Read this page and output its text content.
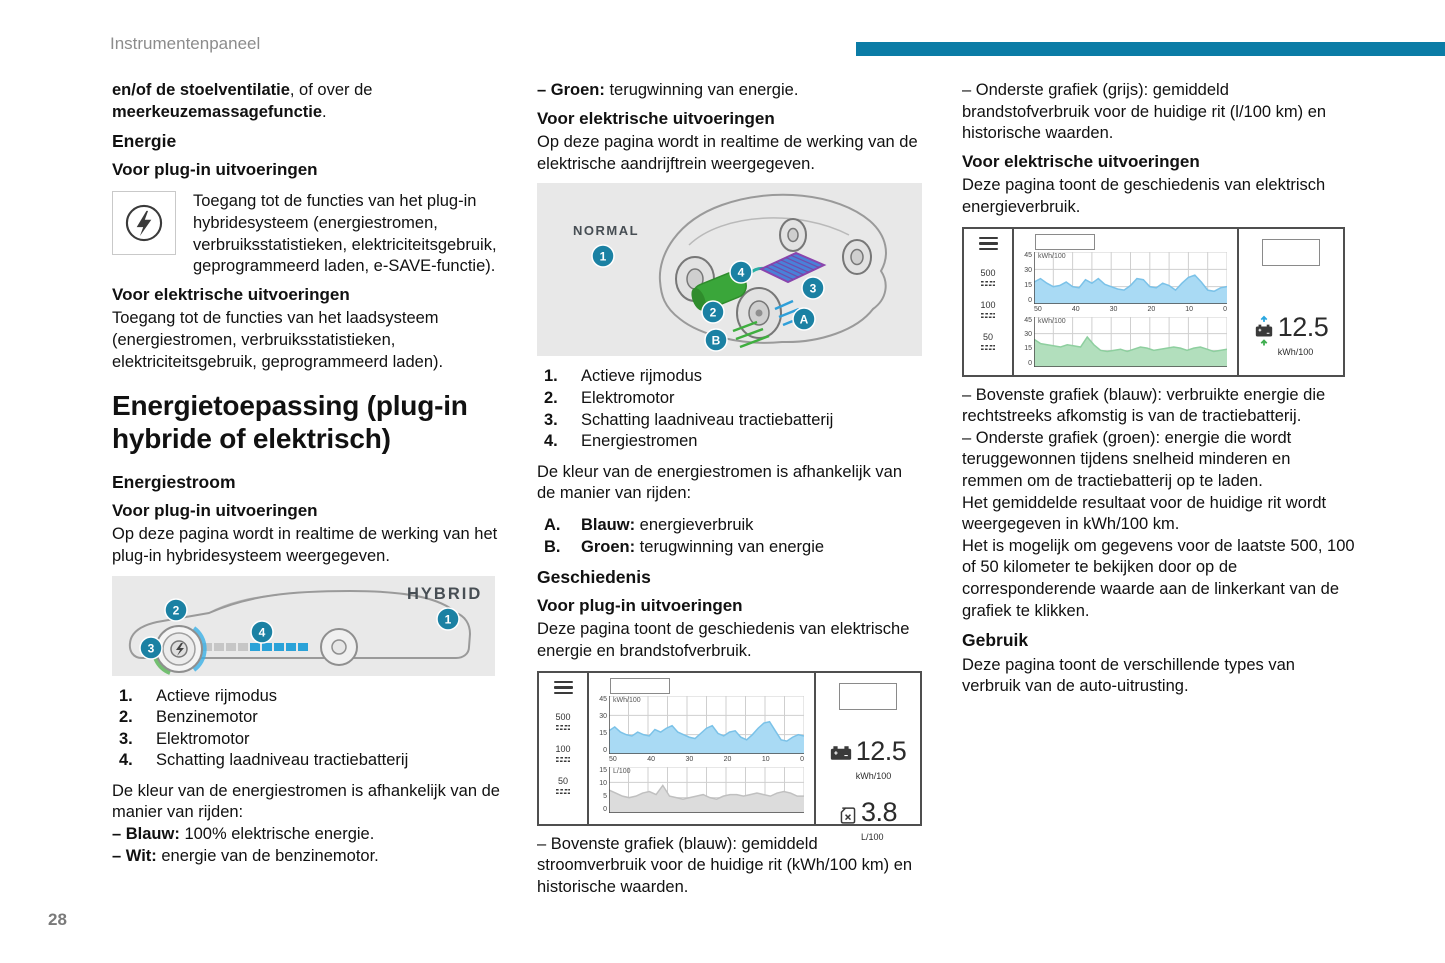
Instrumentenpaneel

en/of de stoelventilatie, of over de meerkeuzemassagefunctie.

Energie
Voor plug-in uitvoeringen

Toegang tot de functies van het plug-in hybridesysteem (energiestromen, verbruiksstatistieken, elektriciteitsgebruik, geprogrammeerd laden, e-SAVE-functie).

Voor elektrische uitvoeringen

Toegang tot de functies van het laadsysteem (energiestromen, verbruiksstatistieken, elektriciteitsgebruik, geprogrammeerd laden).

Energietoepassing (plug-in hybride of elektrisch)
Energiestroom
Voor plug-in uitvoeringen

Op deze pagina wordt in realtime de werking van het plug-in hybridesysteem weergegeven.

HYBRID
1
2
3
4
1.	Actieve rijmodus
2.	Benzinemotor
3.	Elektromotor
4.	Schatting laadniveau tractiebatterij

De kleur van de energiestromen is afhankelijk van de manier van rijden:

– Blauw: 100% elektrische energie.

– Wit: energie van de benzinemotor.

– Groen: terugwinning van energie.

Voor elektrische uitvoeringen

Op deze pagina wordt in realtime de werking van de elektrische aandrijftrein weergegeven.

NORMAL
1
2
3
4
A
B
1.	Actieve rijmodus
2.	Elektromotor
3.	Schatting laadniveau tractiebatterij
4.	Energiestromen

De kleur van de energiestromen is afhankelijk van de manier van rijden:

A.	Blauw: energieverbruik
B.	Groen: terugwinning van energie
Geschiedenis
Voor plug-in uitvoeringen

Deze pagina toont de geschiedenis van elektrische energie en brandstofverbruik.

500
100
50
45
30
15
0
kWh/100
50	40	30	20	10	0
15
10
5
0
L/100
12.5
kWh/100
3.8
L/100

– Bovenste grafiek (blauw): gemiddeld stroomverbruik voor de huidige rit (kWh/100 km) en historische waarden.

– Onderste grafiek (grijs): gemiddeld brandstofverbruik voor de huidige rit (l/100 km) en historische waarden.

Voor elektrische uitvoeringen

Deze pagina toont de geschiedenis van elektrisch energieverbruik.

500
100
50
45
30
15
0
kWh/100
50	40	30	20	10	0
45
30
15
0
kWh/100	12.5
kWh/100

– Bovenste grafiek (blauw): verbruikte energie die rechtstreeks afkomstig is van de tractiebatterij.

– Onderste grafiek (groen): energie die wordt teruggewonnen tijdens snelheid minderen en remmen om de tractiebatterij op te laden.

Het gemiddelde resultaat voor de huidige rit wordt weergegeven in kWh/100 km.

Het is mogelijk om gegevens voor de laatste 500, 100 of 50 kilometer te bekijken door op de corresponderende waarde aan de linkerkant van de grafiek te klikken.

Gebruik

Deze pagina toont de verschillende types van verbruik van de auto-uitrusting.

28
